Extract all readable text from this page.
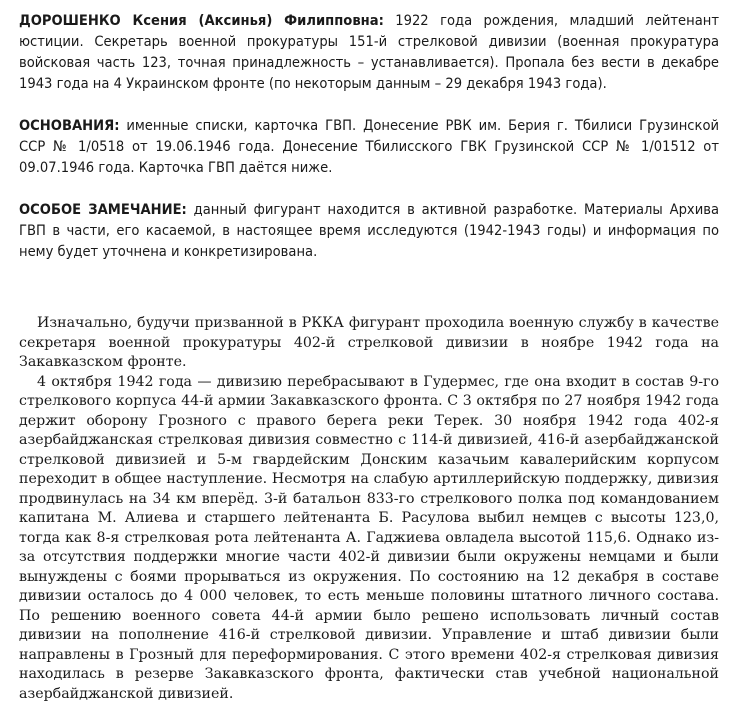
ДОРОШЕНКО Ксения (Аксинья) Филипповна: 1922 года рождения, младший лейтенант юстиции. Секретарь военной прокуратуры 151-й стрелковой дивизии (военная прокуратура войсковая часть 123, точная принадлежность – устанавливается). Пропала без вести в декабре 1943 года на 4 Украинском фронте (по некоторым данным – 29 декабря 1943 года).

ОСНОВАНИЯ: именные списки, карточка ГВП. Донесение РВК им. Берия г. Тбилиси Грузинской ССР № 1/0518 от 19.06.1946 года. Донесение Тбилисского ГВК Грузинской ССР № 1/01512 от 09.07.1946 года. Карточка ГВП даётся ниже.

ОСОБОЕ ЗАМЕЧАНИЕ: данный фигурант находится в активной разработке. Материалы Архива ГВП в части, его касаемой, в настоящее время исследуются (1942-1943 годы) и информация по нему будет уточнена и конкретизирована.

Изначально, будучи призванной в РККА фигурант проходила военную службу в качестве секретаря военной прокуратуры 402-й стрелковой дивизии в ноябре 1942 года на Закавказском фронте.

4 октября 1942 года — дивизию перебрасывают в Гудермес, где она входит в состав 9-го стрелкового корпуса 44-й армии Закавказского фронта. С 3 октября по 27 ноября 1942 года держит оборону Грозного с правого берега реки Терек. 30 ноября 1942 года 402-я азербайджанская стрелковая дивизия совместно с 114-й дивизией, 416-й азербайджанской стрелковой дивизией и 5-м гвардейским Донским казачьим кавалерийским корпусом переходит в общее наступление. Несмотря на слабую артиллерийскую поддержку, дивизия продвинулась на 34 км вперёд. 3-й батальон 833-го стрелкового полка под командованием капитана М. Алиева и старшего лейтенанта Б. Расулова выбил немцев с высоты 123,0, тогда как 8-я стрелковая рота лейтенанта А. Гаджиева овладела высотой 115,6. Однако из-за отсутствия поддержки многие части 402-й дивизии были окружены немцами и были вынуждены с боями прорываться из окружения. По состоянию на 12 декабря в составе дивизии осталось до 4 000 человек, то есть меньше половины штатного личного состава. По решению военного совета 44-й армии было решено использовать личный состав дивизии на пополнение 416-й стрелковой дивизии. Управление и штаб дивизии были направлены в Грозный для переформирования. С этого времени 402-я стрелковая дивизия находилась в резерве Закавказского фронта, фактически став учебной национальной азербайджанской дивизией.
